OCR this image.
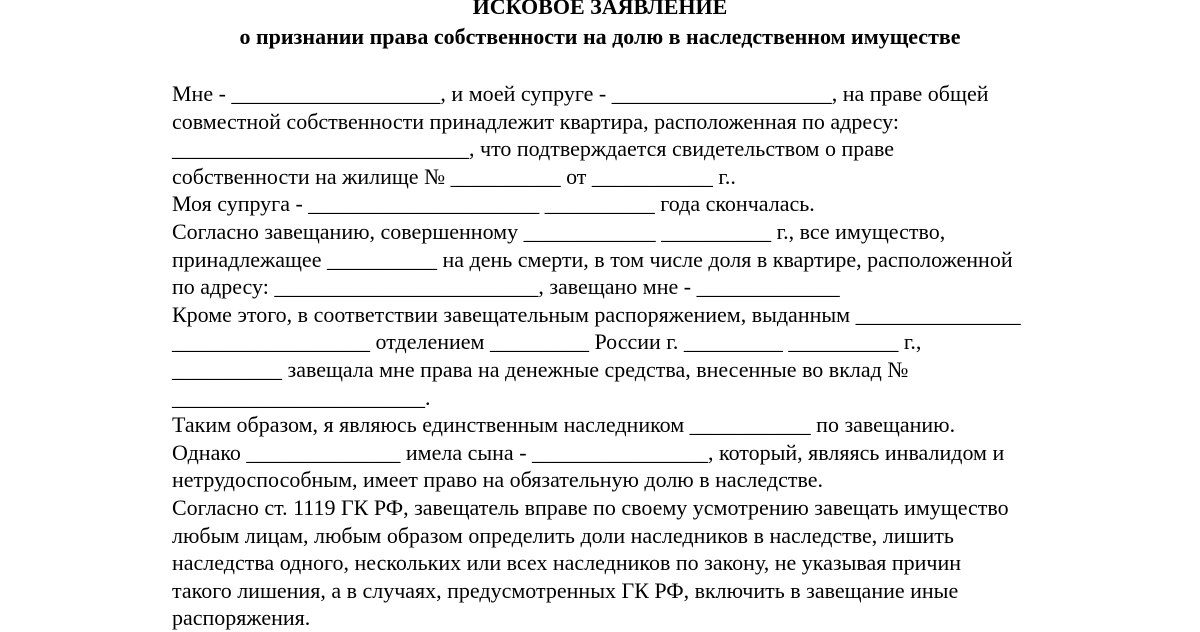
ИСКОВОЕ ЗАЯВЛЕНИЕ
о признании права собственности на долю в наследственном имуществе
Мне - ___________________, и моей супруге - ____________________, на праве общей
совместной собственности принадлежит квартира, расположенная по адресу:
___________________________, что подтверждается свидетельством о праве
собственности на жилище № __________ от ___________ г..
Моя супруга - _____________________ __________ года скончалась.
Согласно завещанию, совершенному ____________ __________ г., все имущество,
принадлежащее __________ на день смерти, в том числе доля в квартире, расположенной
по адресу: ________________________, завещано мне - _____________
Кроме этого, в соответствии завещательным распоряжением, выданным _______________
__________________ отделением _________ России г. _________ __________ г.,
__________ завещала мне права на денежные средства, внесенные во вклад №
_______________________.
Таким образом, я являюсь единственным наследником ___________ по завещанию.
Однако ______________ имела сына - ________________, который, являясь инвалидом и
нетрудоспособным, имеет право на обязательную долю в наследстве.
Согласно ст. 1119 ГК РФ, завещатель вправе по своему усмотрению завещать имущество
любым лицам, любым образом определить доли наследников в наследстве, лишить
наследства одного, нескольких или всех наследников по закону, не указывая причин
такого лишения, а в случаях, предусмотренных ГК РФ, включить в завещание иные
распоряжения.
